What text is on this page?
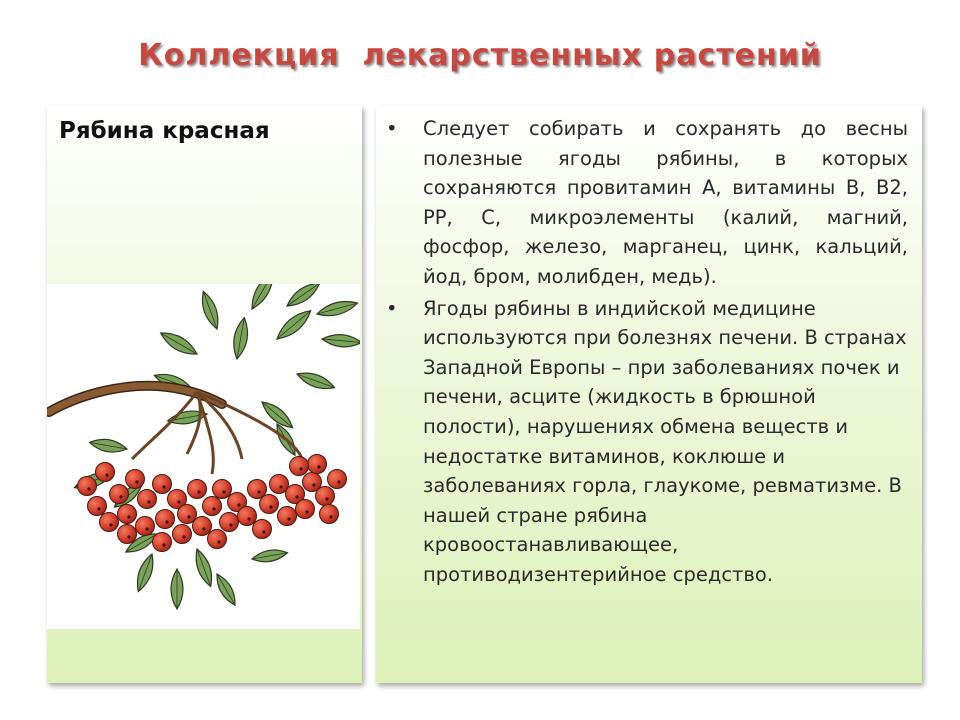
Коллекция  лекарственных растений
Рябина красная	•	Следует собирать и сохранять до весны полезные ягоды рябины, в которых сохраняются провитамин А, витамины В, В2, РР, С, микроэлементы (калий, магний, фосфор, железо, марганец, цинк, кальций, йод, бром, молибден, медь).
•	Ягоды рябины в индийской медицине используются при болезнях печени. В странах Западной Европы – при заболеваниях почек и печени, асците (жидкость в брюшной полости), нарушениях обмена веществ и недостатке витаминов, коклюше и заболеваниях горла, глаукоме, ревматизме. В нашей стране рябина кровоостанавливающее, противодизентерийное средство.
